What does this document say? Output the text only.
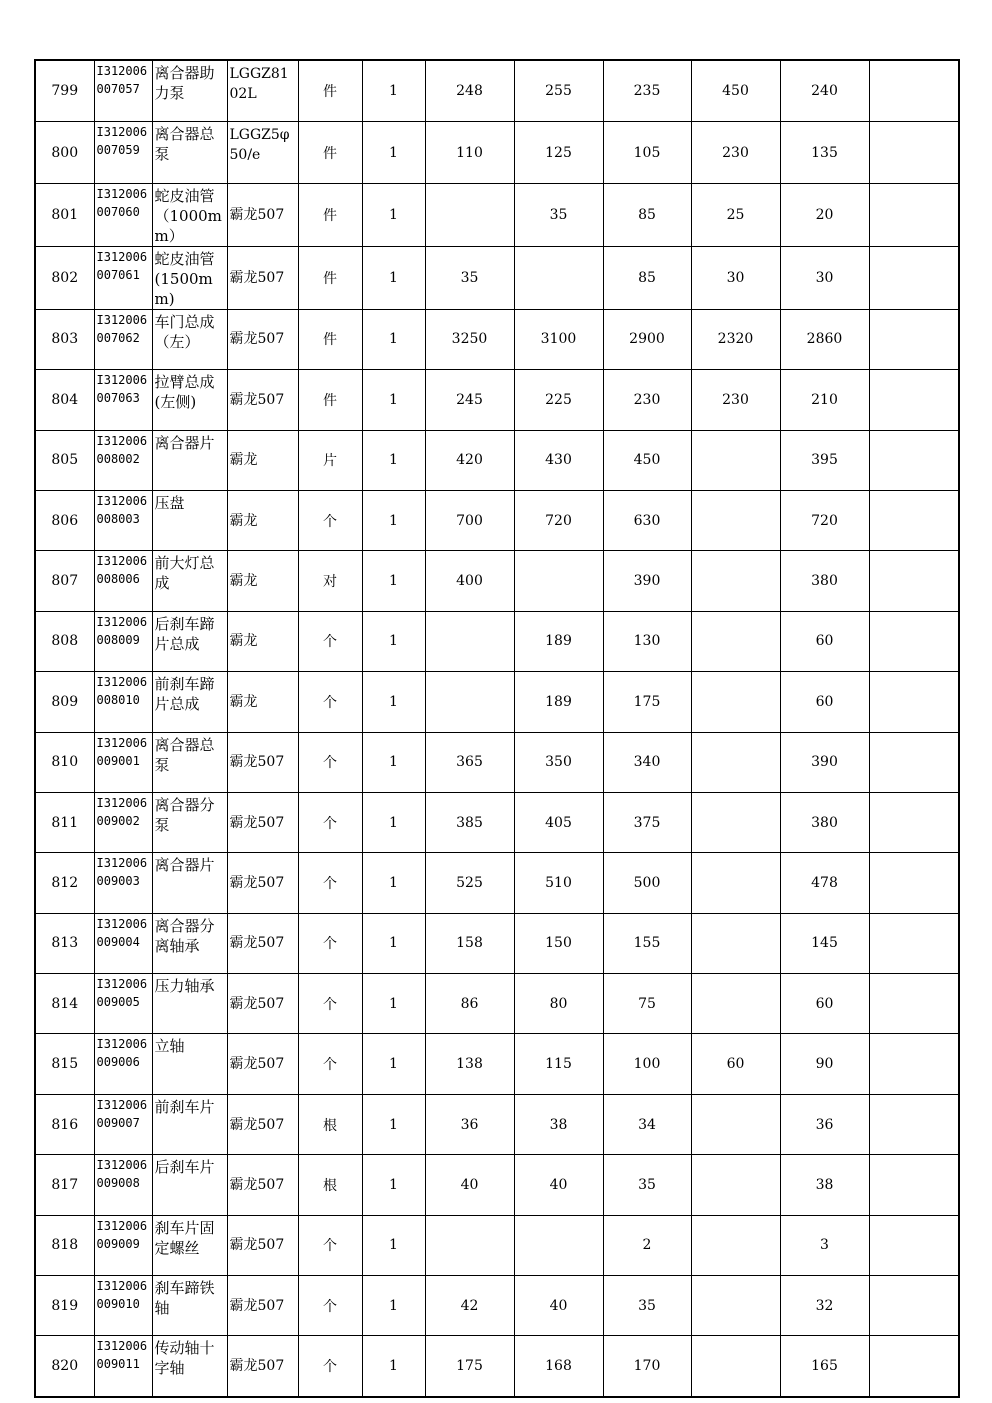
799	I312006007057	离合器助力泵	LGGZ8102L	件	1	248	255	235	450	240	
800	I312006007059	离合器总泵	LGGZ5φ50/e	件	1	110	125	105	230	135	
801	I312006007060	蛇皮油管（1000mm）	霸龙507	件	1		35	85	25	20	
802	I312006007061	蛇皮油管(1500mm)	霸龙507	件	1	35		85	30	30	
803	I312006007062	车门总成（左）	霸龙507	件	1	3250	3100	2900	2320	2860	
804	I312006007063	拉臂总成(左侧)	霸龙507	件	1	245	225	230	230	210	
805	I312006008002	离合器片	霸龙	片	1	420	430	450		395	
806	I312006008003	压盘	霸龙	个	1	700	720	630		720	
807	I312006008006	前大灯总成	霸龙	对	1	400		390		380	
808	I312006008009	后刹车蹄片总成	霸龙	个	1		189	130		60	
809	I312006008010	前刹车蹄片总成	霸龙	个	1		189	175		60	
810	I312006009001	离合器总泵	霸龙507	个	1	365	350	340		390	
811	I312006009002	离合器分泵	霸龙507	个	1	385	405	375		380	
812	I312006009003	离合器片	霸龙507	个	1	525	510	500		478	
813	I312006009004	离合器分离轴承	霸龙507	个	1	158	150	155		145	
814	I312006009005	压力轴承	霸龙507	个	1	86	80	75		60	
815	I312006009006	立轴	霸龙507	个	1	138	115	100	60	90	
816	I312006009007	前刹车片	霸龙507	根	1	36	38	34		36	
817	I312006009008	后刹车片	霸龙507	根	1	40	40	35		38	
818	I312006009009	刹车片固定螺丝	霸龙507	个	1			2		3	
819	I312006009010	刹车蹄铁轴	霸龙507	个	1	42	40	35		32	
820	I312006009011	传动轴十字轴	霸龙507	个	1	175	168	170		165	
